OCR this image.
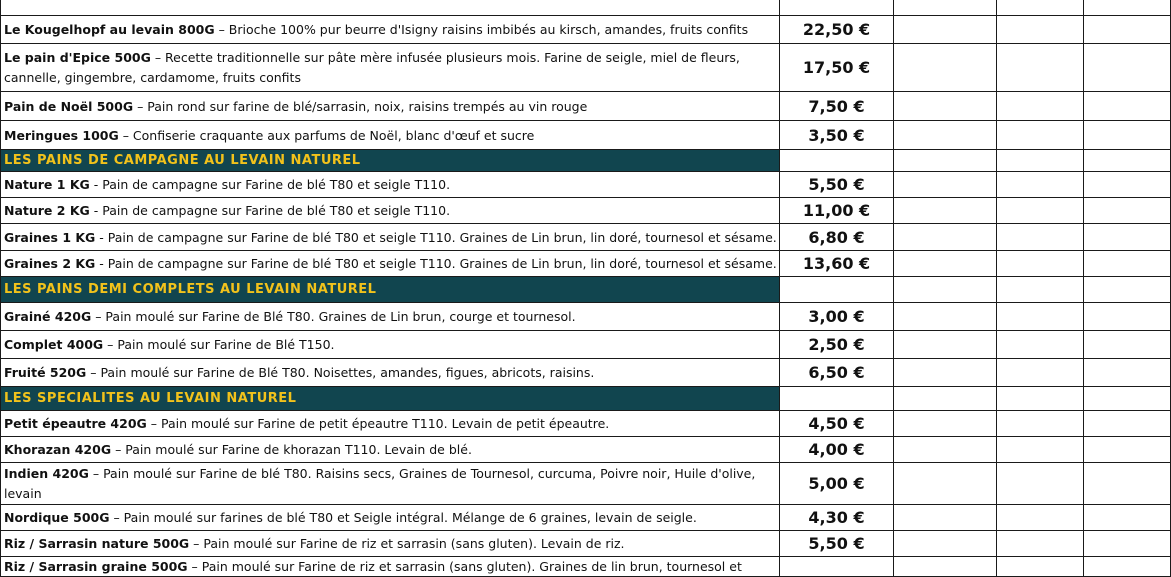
Le Kougelhopf au levain 800G – Brioche 100% pur beurre d'Isigny raisins imbibés au kirsch, amandes, fruits confits	22,50 €			
Le pain d'Epice 500G – Recette traditionnelle sur pâte mère infusée plusieurs mois. Farine de seigle, miel de fleurs, cannelle, gingembre, cardamome, fruits confits	17,50 €			
Pain de Noël 500G – Pain rond sur farine de blé/sarrasin, noix, raisins trempés au vin rouge	7,50 €			
Meringues 100G – Confiserie craquante aux parfums de Noël, blanc d'œuf et sucre	3,50 €			
LES PAINS DE CAMPAGNE AU LEVAIN NATUREL				
Nature 1 KG - Pain de campagne sur Farine de blé T80 et seigle T110.	5,50 €			
Nature 2 KG - Pain de campagne sur Farine de blé T80 et seigle T110.	11,00 €			
Graines 1 KG - Pain de campagne sur Farine de blé T80 et seigle T110. Graines de Lin brun, lin doré, tournesol et sésame.	6,80 €			
Graines 2 KG - Pain de campagne sur Farine de blé T80 et seigle T110. Graines de Lin brun, lin doré, tournesol et sésame.	13,60 €			
LES PAINS DEMI COMPLETS AU LEVAIN NATUREL				
Grainé 420G – Pain moulé sur Farine de Blé T80. Graines de Lin brun, courge et tournesol.	3,00 €			
Complet 400G – Pain moulé sur Farine de Blé T150.	2,50 €			
Fruité 520G – Pain moulé sur Farine de Blé T80. Noisettes, amandes, figues, abricots, raisins.	6,50 €			
LES SPECIALITES AU LEVAIN NATUREL				
Petit épeautre 420G – Pain moulé sur Farine de petit épeautre T110. Levain de petit épeautre.	4,50 €			
Khorazan 420G – Pain moulé sur Farine de khorazan T110. Levain de blé.	4,00 €			
Indien 420G – Pain moulé sur Farine de blé T80. Raisins secs, Graines de Tournesol, curcuma, Poivre noir, Huile d'olive, levain	5,00 €			
Nordique 500G – Pain moulé sur farines de blé T80 et Seigle intégral. Mélange de 6 graines, levain de seigle.	4,30 €			
Riz / Sarrasin nature 500G – Pain moulé sur Farine de riz et sarrasin (sans gluten). Levain de riz.	5,50 €			
Riz / Sarrasin graine 500G – Pain moulé sur Farine de riz et sarrasin (sans gluten). Graines de lin brun, tournesol et				
